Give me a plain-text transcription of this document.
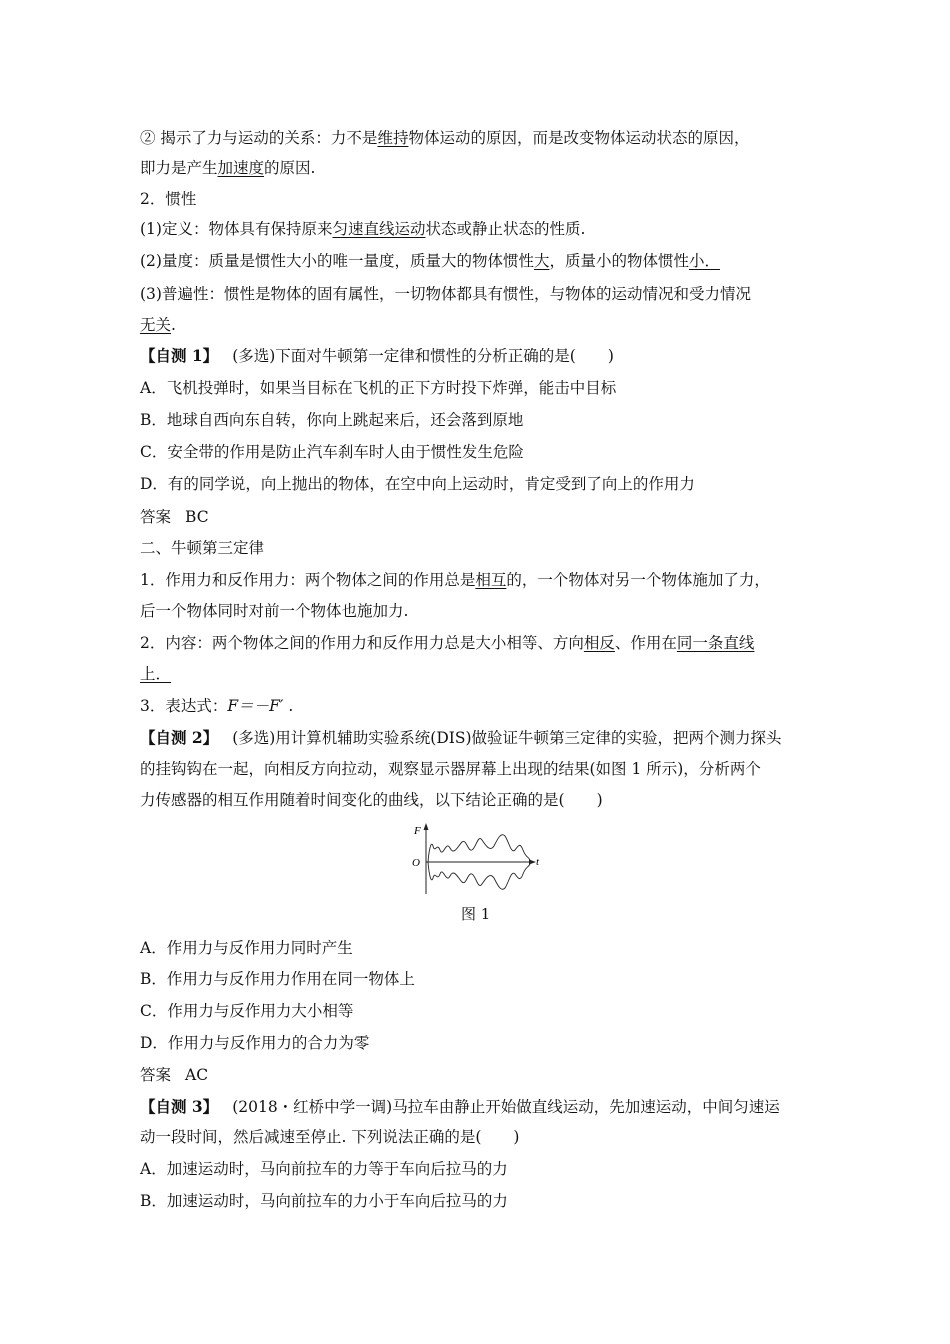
② 揭示了力与运动的关系：力不是维持物体运动的原因，而是改变物体运动状态的原因，
即力是产生加速度的原因.
2．惯性
(1)定义：物体具有保持原来匀速直线运动状态或静止状态的性质.
(2)量度：质量是惯性大小的唯一量度，质量大的物体惯性大，质量小的物体惯性小．
(3)普遍性：惯性是物体的固有属性，一切物体都具有惯性，与物体的运动情况和受力情况
无关.
【自测 1】 (多选)下面对牛顿第一定律和惯性的分析正确的是( )
A．飞机投弹时，如果当目标在飞机的正下方时投下炸弹，能击中目标
B．地球自西向东自转，你向上跳起来后，还会落到原地
C．安全带的作用是防止汽车刹车时人由于惯性发生危险
D．有的同学说，向上抛出的物体，在空中向上运动时，肯定受到了向上的作用力
答案 BC
二、牛顿第三定律
1．作用力和反作用力：两个物体之间的作用总是相互的，一个物体对另一个物体施加了力，
后一个物体同时对前一个物体也施加力.
2．内容：两个物体之间的作用力和反作用力总是大小相等、方向相反、作用在同一条直线
上．
3．表达式：F＝－F′ .
【自测 2】 (多选)用计算机辅助实验系统(DIS)做验证牛顿第三定律的实验，把两个测力探头
的挂钩钩在一起，向相反方向拉动，观察显示器屏幕上出现的结果(如图 1 所示)，分析两个
力传感器的相互作用随着时间变化的曲线，以下结论正确的是( )
F
O	t
图 1
A．作用力与反作用力同时产生
B．作用力与反作用力作用在同一物体上
C．作用力与反作用力大小相等
D．作用力与反作用力的合力为零
答案 AC
【自测 3】 (2018・红桥中学一调)马拉车由静止开始做直线运动，先加速运动，中间匀速运
动一段时间，然后减速至停止. 下列说法正确的是( )
A．加速运动时，马向前拉车的力等于车向后拉马的力
B．加速运动时，马向前拉车的力小于车向后拉马的力
